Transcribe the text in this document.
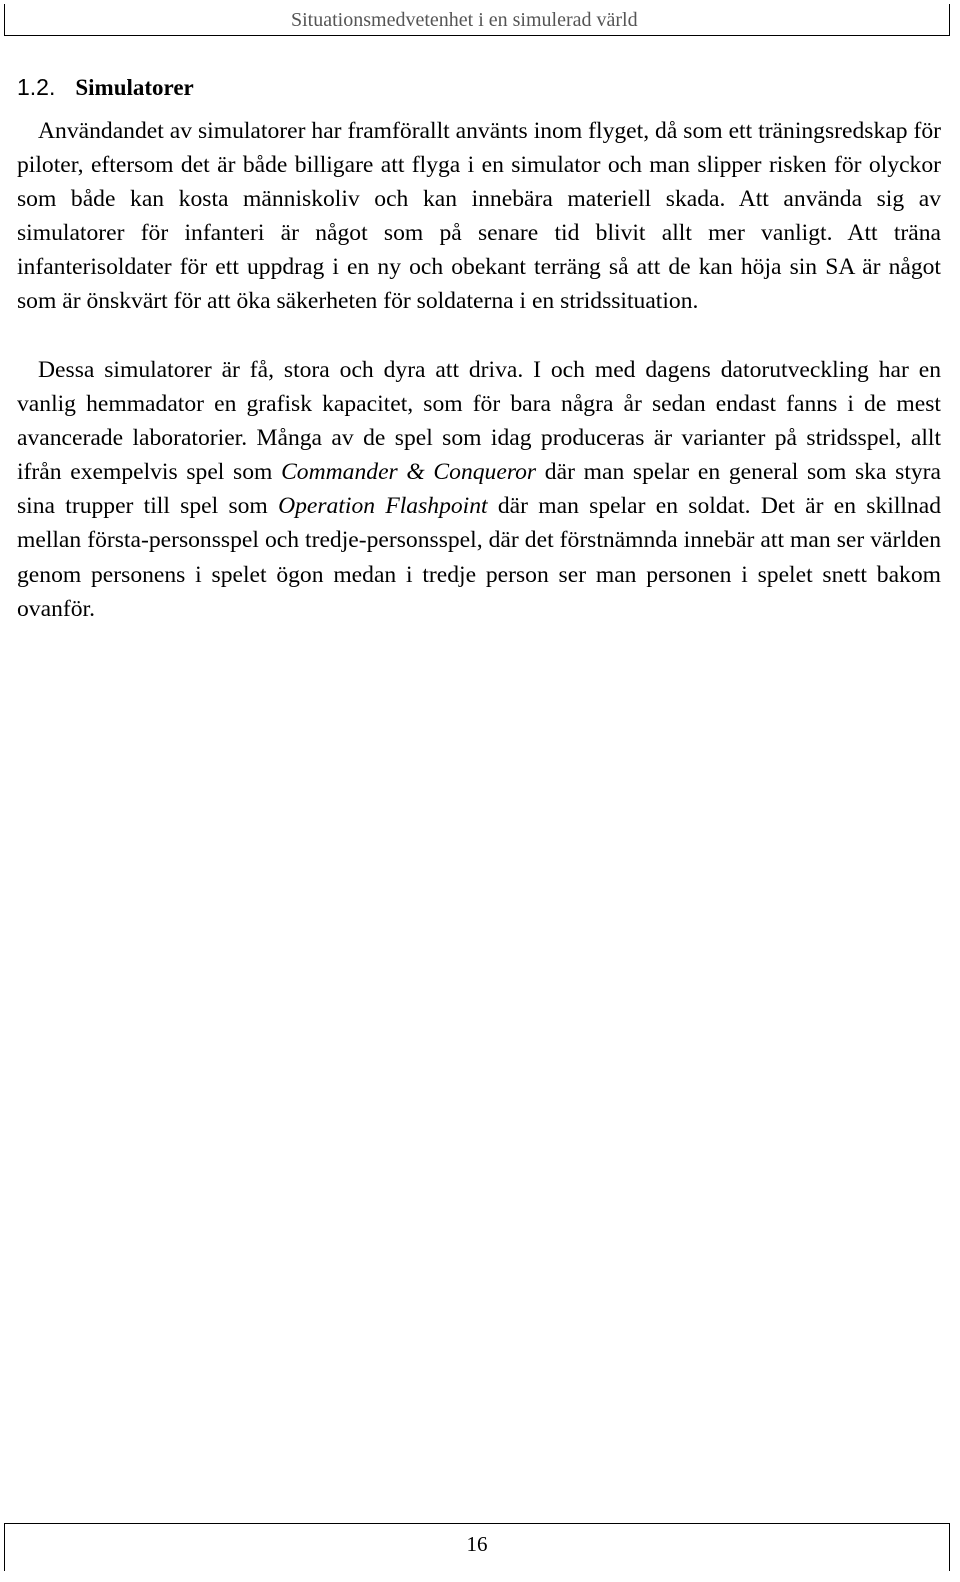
Situationsmedvetenhet i en simulerad värld
1.2. Simulatorer

Användandet av simulatorer har framförallt använts inom flyget, då som ett träningsredskap för piloter, eftersom det är både billigare att flyga i en simulator och man slipper risken för olyckor som både kan kosta människoliv och kan innebära materiell skada. Att använda sig av simulatorer för infanteri är något som på senare tid blivit allt mer vanligt. Att träna infanterisoldater för ett uppdrag i en ny och obekant terräng så att de kan höja sin SA är något som är önskvärt för att öka säkerheten för soldaterna i en stridssituation.

Dessa simulatorer är få, stora och dyra att driva. I och med dagens datorutveckling har en vanlig hemmadator en grafisk kapacitet, som för bara några år sedan endast fanns i de mest avancerade laboratorier. Många av de spel som idag produceras är varianter på stridsspel, allt ifrån exempelvis spel som Commander & Conqueror där man spelar en general som ska styra sina trupper till spel som Operation Flashpoint där man spelar en soldat. Det är en skillnad mellan första-personsspel och tredje-personsspel, där det förstnämnda innebär att man ser världen genom personens i spelet ögon medan i tredje person ser man personen i spelet snett bakom ovanför.

16
